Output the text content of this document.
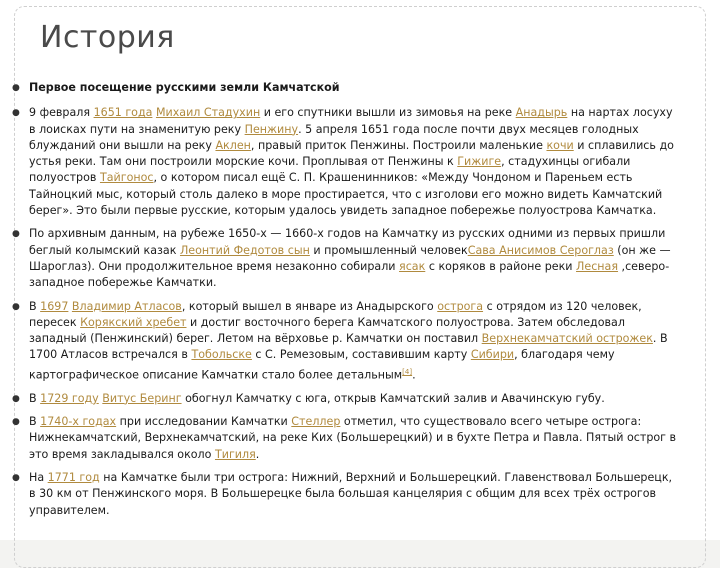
История
● Первое посещение русскими земли Камчатской
● 9 февраля 1651 года Михаил Стадухин и его спутники вышли из зимовья на реке Анадырь на нартах лосуху в лоисках пути на знаменитую реку Пенжину. 5 апреля 1651 года после почти двух месяцев голодных блужданий они вышли на реку Аклен, правый приток Пенжины. Построили маленькие кочи и сплавились до устья реки. Там они построили морские кочи. Проплывая от Пенжины к Гижиге, стадухинцы огибали полуостров Тайгонос, о котором писал ещё С. П. Крашенинников: «Между Чондоном и Пареньем есть Тайноцкий мыс, который столь далеко в море простирается, что с изголови его можно видеть Камчатский берег». Это были первые русские, которым удалось увидеть западное побережье полуострова Камчатка.
● По архивным данным, на рубеже 1650-х — 1660-х годов на Камчатку из русских одними из первых пришли беглый колымский казак Леонтий Федотов сын и промышленный человекСава Анисимов Сероглаз (он же — Шароглаз). Они продолжительное время незаконно собирали ясак с коряков в районе реки Лесная ,северо-западное побережье Камчатки.
● В 1697 Владимир Атласов, который вышел в январе из Анадырского острога с отрядом из 120 человек, пересек Корякский хребет и достиг восточного берега Камчатского полуострова. Затем обследовал западный (Пенжинский) берег. Летом на вёрховье р. Камчатки он поставил Верхнекамчатский острожек. В 1700 Атласов встречался в Тобольске с С. Ремезовым, составившим карту Сибири, благодаря чему картографическое описание Камчатки стало более детальным[4].
● В 1729 году Витус Беринг обогнул Камчатку с юга, открыв Камчатский залив и Авачинскую губу.
● В 1740-х годах при исследовании Камчатки Стеллер отметил, что существовало всего четыре острога: Нижнекамчатский, Верхнекамчатский, на реке Ких (Большерецкий) и в бухте Петра и Павла. Пятый острог в это время закладывался около Тигиля.
● На 1771 год на Камчатке были три острога: Нижний, Верхний и Большерецкий. Главенствовал Большерецк, в 30 км от Пенжинского моря. В Большерецке была большая канцелярия с общим для всех трёх острогов управителем.
